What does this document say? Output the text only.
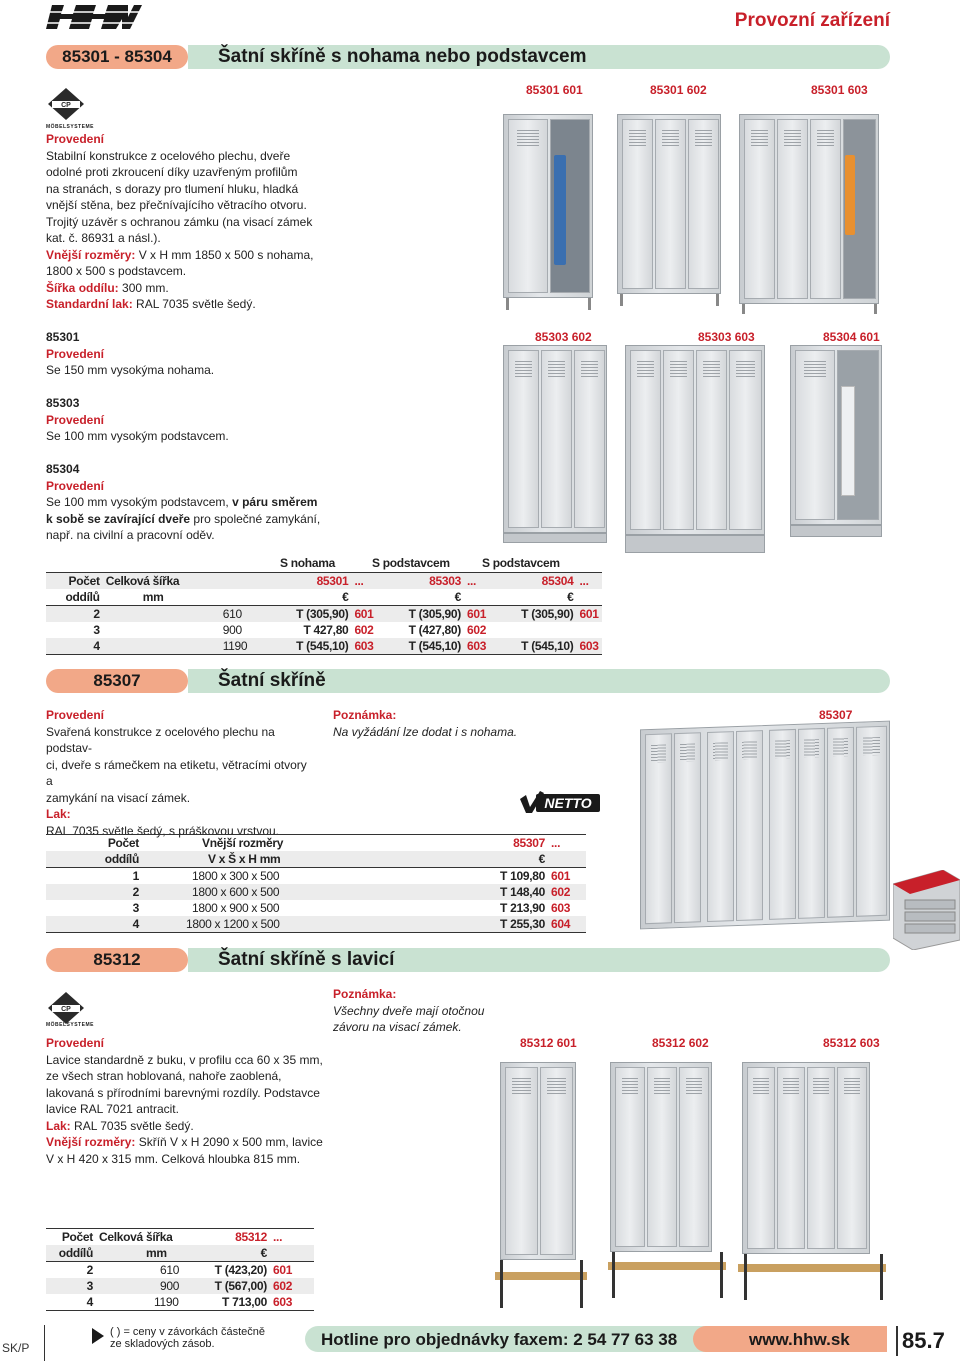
Provozní zařízení
85301 - 85304	Šatní skříně s nohama nebo podstavcem
CP
MÖBELSYSTEME
Provedení
Stabilní konstrukce z ocelového plechu, dveře
odolné proti zkroucení díky uzavřeným profilům
na stranách, s dorazy pro tlumení hluku, hladká
vnější stěna, bez přečnívajícího větracího otvoru.
Trojitý uzávěr s ochranou zámku (na visací zámek
kat. č. 86931 a násl.).
Vnější rozměry: V x H mm 1850 x 500 s nohama,
1800 x 500 s podstavcem.
Šířka oddílu: 300 mm.
Standardní lak: RAL 7035 světle šedý.
85301
Provedení
Se 150 mm vysokýma nohama.
85303
Provedení
Se 100 mm vysokým podstavcem.
85304
Provedení
Se 100 mm vysokým podstavcem, v páru směrem
k sobě se zavírající dveře pro společné zamykání,
např. na civilní a pracovní oděv.
85301 601	85301 602	85301 603
85303 602	85303 603	85304 601
S nohama	S podstavcem	S podstavcem
Počet	Celková šířka	85301	...	85303	...	85304	...
oddílů	mm	€		€		€	
2	610	T (305,90)	601	T (305,90)	601	T (305,90)	601
3	900	T 427,80	602	T (427,80)	602		
4	1190	T (545,10)	603	T (545,10)	603	T (545,10)	603
85307	Šatní skříně
Provedení
Svařená konstrukce z ocelového plechu na podstav-
ci, dveře s rámečkem na etiketu, větracími otvory a
zamykání na visací zámek.
Lak:
RAL 7035 světle šedý, s práškovou vrstvou.
Poznámka:
Na vyžádání lze dodat i s nohama.
85307
NETTO
Počet	Vnější rozměry	85307	...
oddílů	V x Š x H mm	€	
1	1800 x 300 x 500	T 109,80	601
2	1800 x 600 x 500	T 148,40	602
3	1800 x 900 x 500	T 213,90	603
4	1800 x 1200 x 500	T 255,30	604
85312	Šatní skříně s lavicí
CP
MÖBELSYSTEME
Poznámka:
Všechny dveře mají otočnou
závoru na visací zámek.
Provedení
Lavice standardně z buku, v profilu cca 60 x 35 mm,
ze všech stran hoblovaná, nahoře zaoblená,
lakovaná s přírodními barevnými rozdíly. Podstavce
lavice RAL 7021 antracit.
Lak: RAL 7035 světle šedý.
Vnější rozměry: Skříň V x H 2090 x 500 mm, lavice
V x H 420 x 315 mm. Celková hloubka 815 mm.
85312 601	85312 602	85312 603
Počet	Celková šířka	85312	...
oddílů	mm	€	
2	610	T (423,20)	601
3	900	T (567,00)	602
4	1190	T 713,00	603
SK/P
( ) = ceny v závorkách částečně
ze skladových zásob.	Hotline pro objednávky faxem: 2 54 77 63 38	www.hhw.sk 85.7
